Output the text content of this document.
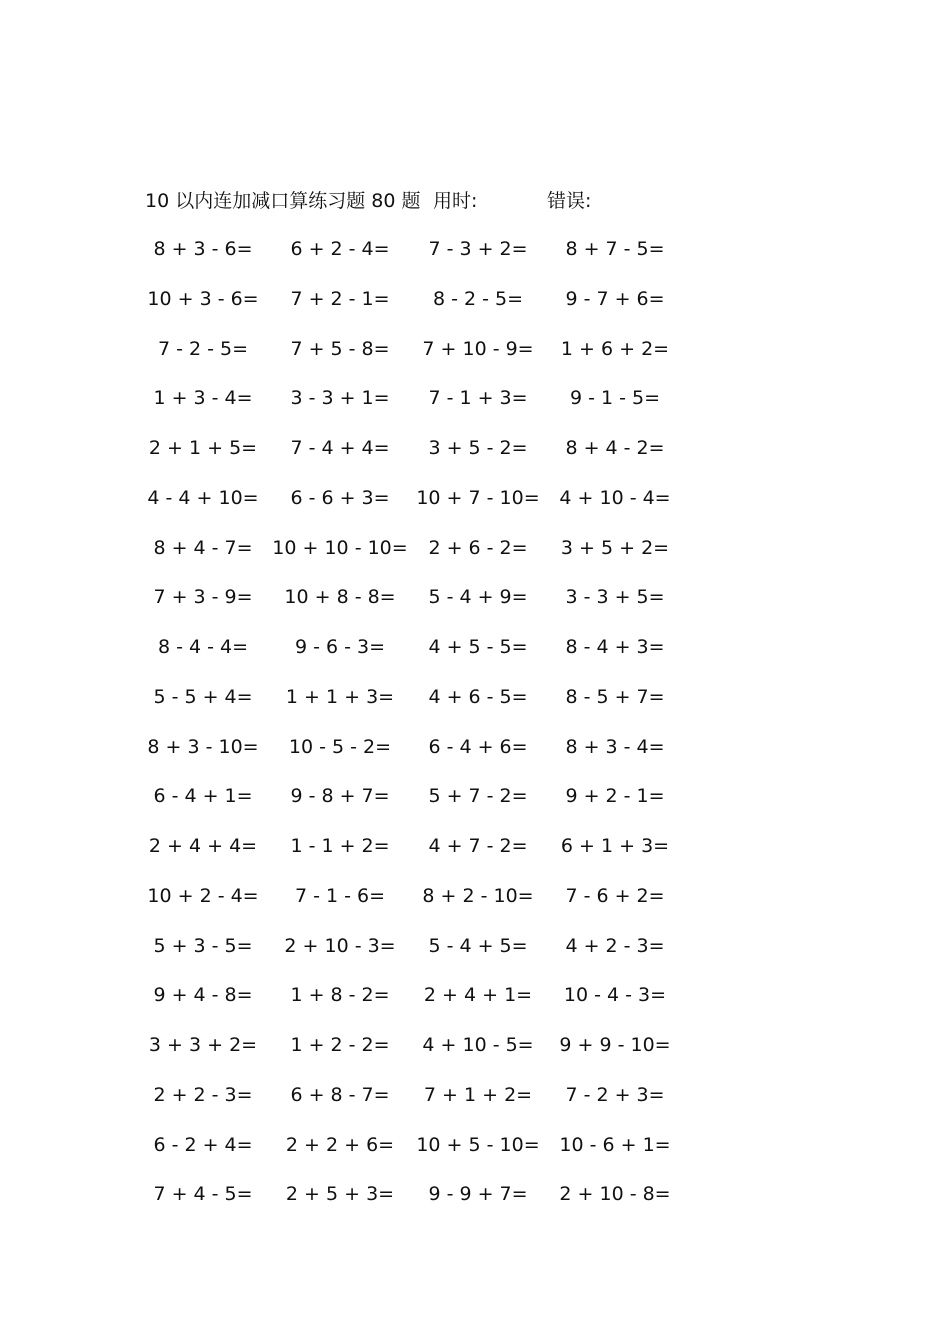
10 以内连加减口算练习题 80 题 用时:	错误:
8 + 3 - 6=	6 + 2 - 4=	7 - 3 + 2=	8 + 7 - 5=
10 + 3 - 6=	7 + 2 - 1=	8 - 2 - 5=	9 - 7 + 6=
7 - 2 - 5=	7 + 5 - 8=	7 + 10 - 9=	1 + 6 + 2=
1 + 3 - 4=	3 - 3 + 1=	7 - 1 + 3=	9 - 1 - 5=
2 + 1 + 5=	7 - 4 + 4=	3 + 5 - 2=	8 + 4 - 2=
4 - 4 + 10=	6 - 6 + 3=	10 + 7 - 10=	4 + 10 - 4=
8 + 4 - 7=	10 + 10 - 10=	2 + 6 - 2=	3 + 5 + 2=
7 + 3 - 9=	10 + 8 - 8=	5 - 4 + 9=	3 - 3 + 5=
8 - 4 - 4=	9 - 6 - 3=	4 + 5 - 5=	8 - 4 + 3=
5 - 5 + 4=	1 + 1 + 3=	4 + 6 - 5=	8 - 5 + 7=
8 + 3 - 10=	10 - 5 - 2=	6 - 4 + 6=	8 + 3 - 4=
6 - 4 + 1=	9 - 8 + 7=	5 + 7 - 2=	9 + 2 - 1=
2 + 4 + 4=	1 - 1 + 2=	4 + 7 - 2=	6 + 1 + 3=
10 + 2 - 4=	7 - 1 - 6=	8 + 2 - 10=	7 - 6 + 2=
5 + 3 - 5=	2 + 10 - 3=	5 - 4 + 5=	4 + 2 - 3=
9 + 4 - 8=	1 + 8 - 2=	2 + 4 + 1=	10 - 4 - 3=
3 + 3 + 2=	1 + 2 - 2=	4 + 10 - 5=	9 + 9 - 10=
2 + 2 - 3=	6 + 8 - 7=	7 + 1 + 2=	7 - 2 + 3=
6 - 2 + 4=	2 + 2 + 6=	10 + 5 - 10=	10 - 6 + 1=
7 + 4 - 5=	2 + 5 + 3=	9 - 9 + 7=	2 + 10 - 8=
